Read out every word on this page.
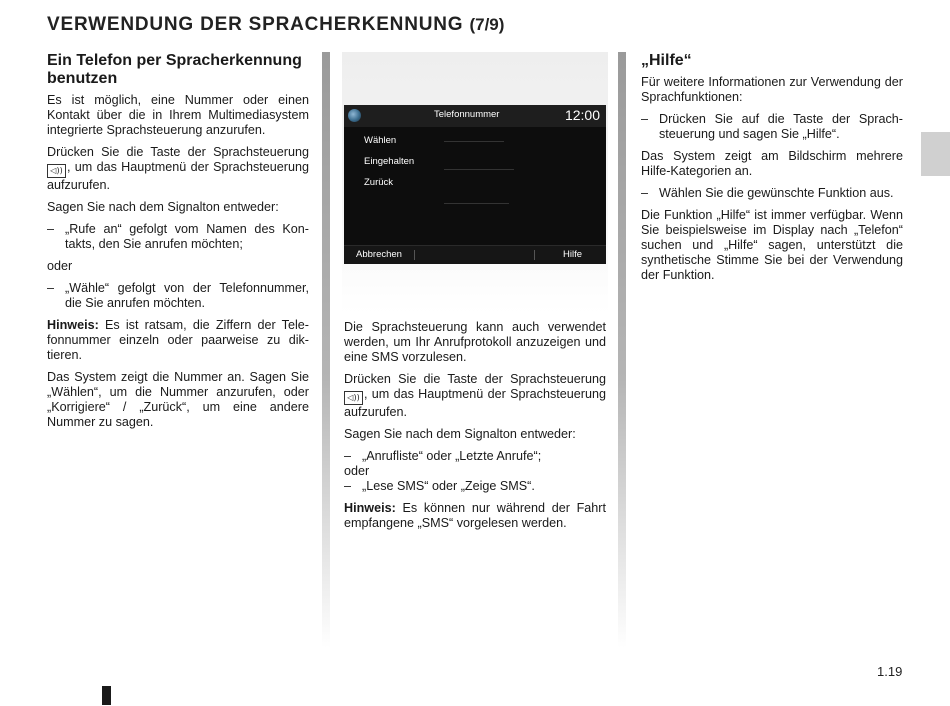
VERWENDUNG DER SPRACHERKENNUNG (7/9)
Ein Telefon per Spracherkennung benutzen

Es ist möglich, eine Nummer oder einen Kontakt über die in Ihrem Multimediasystem integrierte Sprachsteuerung anzurufen.

Drücken Sie die Taste der Sprachsteuerung ◁)) , um das Hauptmenü der Sprachsteuerung aufzurufen.

Sagen Sie nach dem Signalton entweder:

– „Rufe an“ gefolgt vom Namen des Kontakts, den Sie anrufen möchten;

oder

– „Wähle“ gefolgt von der Telefonnummer, die Sie anrufen möchten.

Hinweis: Es ist ratsam, die Ziffern der Telefonnummer einzeln oder paarweise zu diktieren.

Das System zeigt die Nummer an. Sagen Sie „Wählen“, um die Nummer anzurufen, oder „Korrigiere“ / „Zurück“, um eine andere Nummer zu sagen.

Telefonnummer	12:00
Wählen
Eingehalten
Zurück
Abbrechen	Hilfe

Die Sprachsteuerung kann auch verwendet werden, um Ihr Anrufprotokoll anzuzeigen und eine SMS vorzulesen.

Drücken Sie die Taste der Sprachsteuerung ◁)) , um das Hauptmenü der Sprachsteuerung aufzurufen.

Sagen Sie nach dem Signalton entweder:

– „Anrufliste“ oder „Letzte Anrufe“;

oder

– „Lese SMS“ oder „Zeige SMS“.

Hinweis: Es können nur während der Fahrt empfangene „SMS“ vorgelesen werden.

„Hilfe“

Für weitere Informationen zur Verwendung der Sprachfunktionen:

– Drücken Sie auf die Taste der Sprachsteuerung und sagen Sie „Hilfe“.

Das System zeigt am Bildschirm mehrere Hilfe-Kategorien an.

– Wählen Sie die gewünschte Funktion aus.

Die Funktion „Hilfe“ ist immer verfügbar. Wenn Sie beispielsweise im Display nach „Telefon“ suchen und „Hilfe“ sagen, unterstützt die synthetische Stimme Sie bei der Verwendung der Funktion.

1.19
